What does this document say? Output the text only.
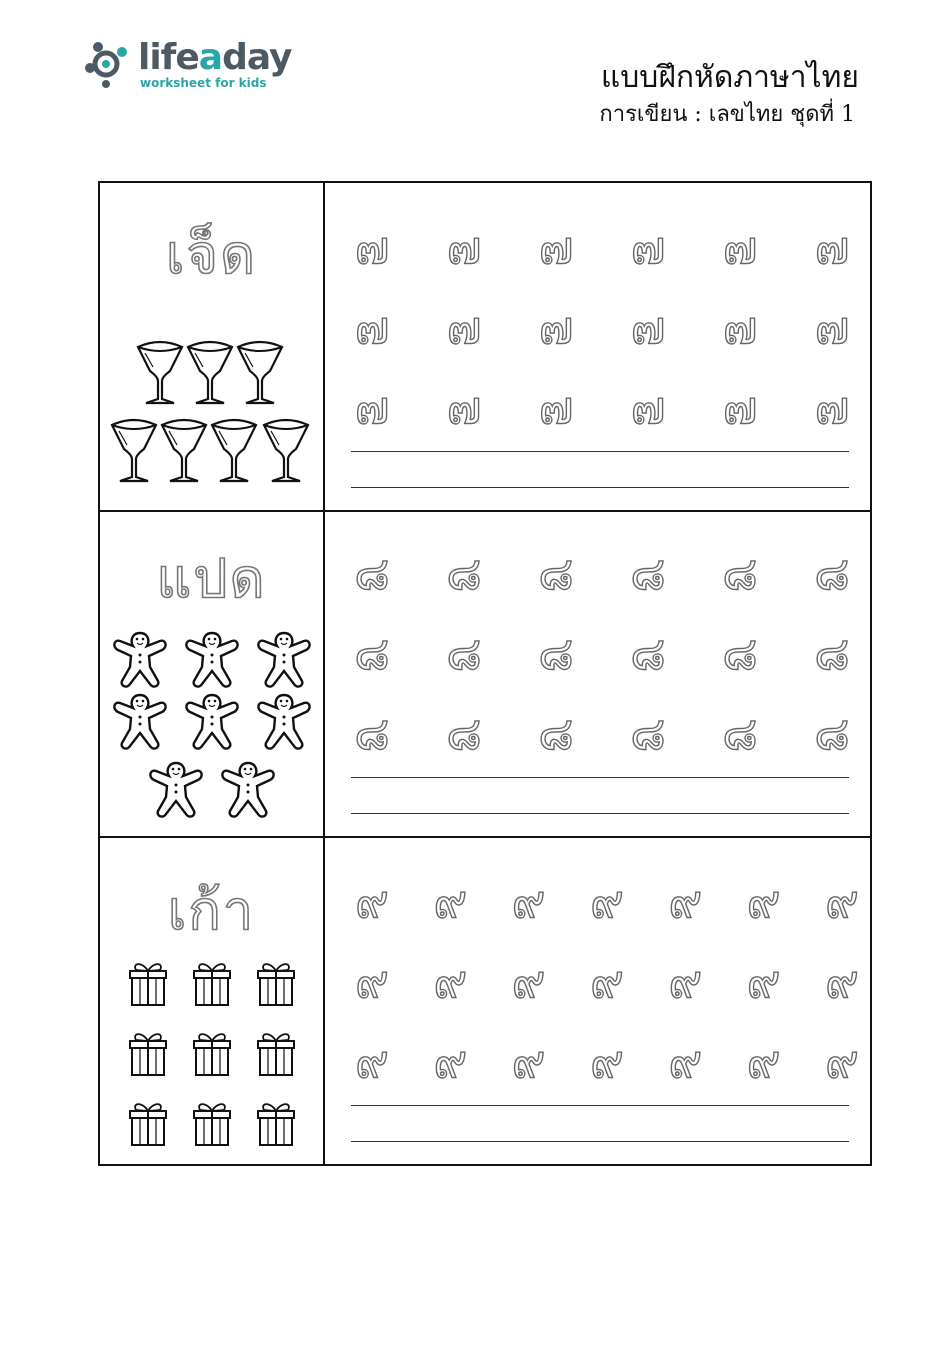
lifeaday
worksheet for kids	แบบฝึกหัดภาษาไทย
การเขียน : เลขไทย ชุดที่ 1
เจ็ด	๗ ๗ ๗ ๗ ๗ ๗
๗ ๗ ๗ ๗ ๗ ๗
๗ ๗ ๗ ๗ ๗ ๗
แปด	๘ ๘ ๘ ๘ ๘ ๘
๘ ๘ ๘ ๘ ๘ ๘
๘ ๘ ๘ ๘ ๘ ๘
เก้า	๙ ๙ ๙ ๙ ๙ ๙ ๙
๙ ๙ ๙ ๙ ๙ ๙ ๙
๙ ๙ ๙ ๙ ๙ ๙ ๙
